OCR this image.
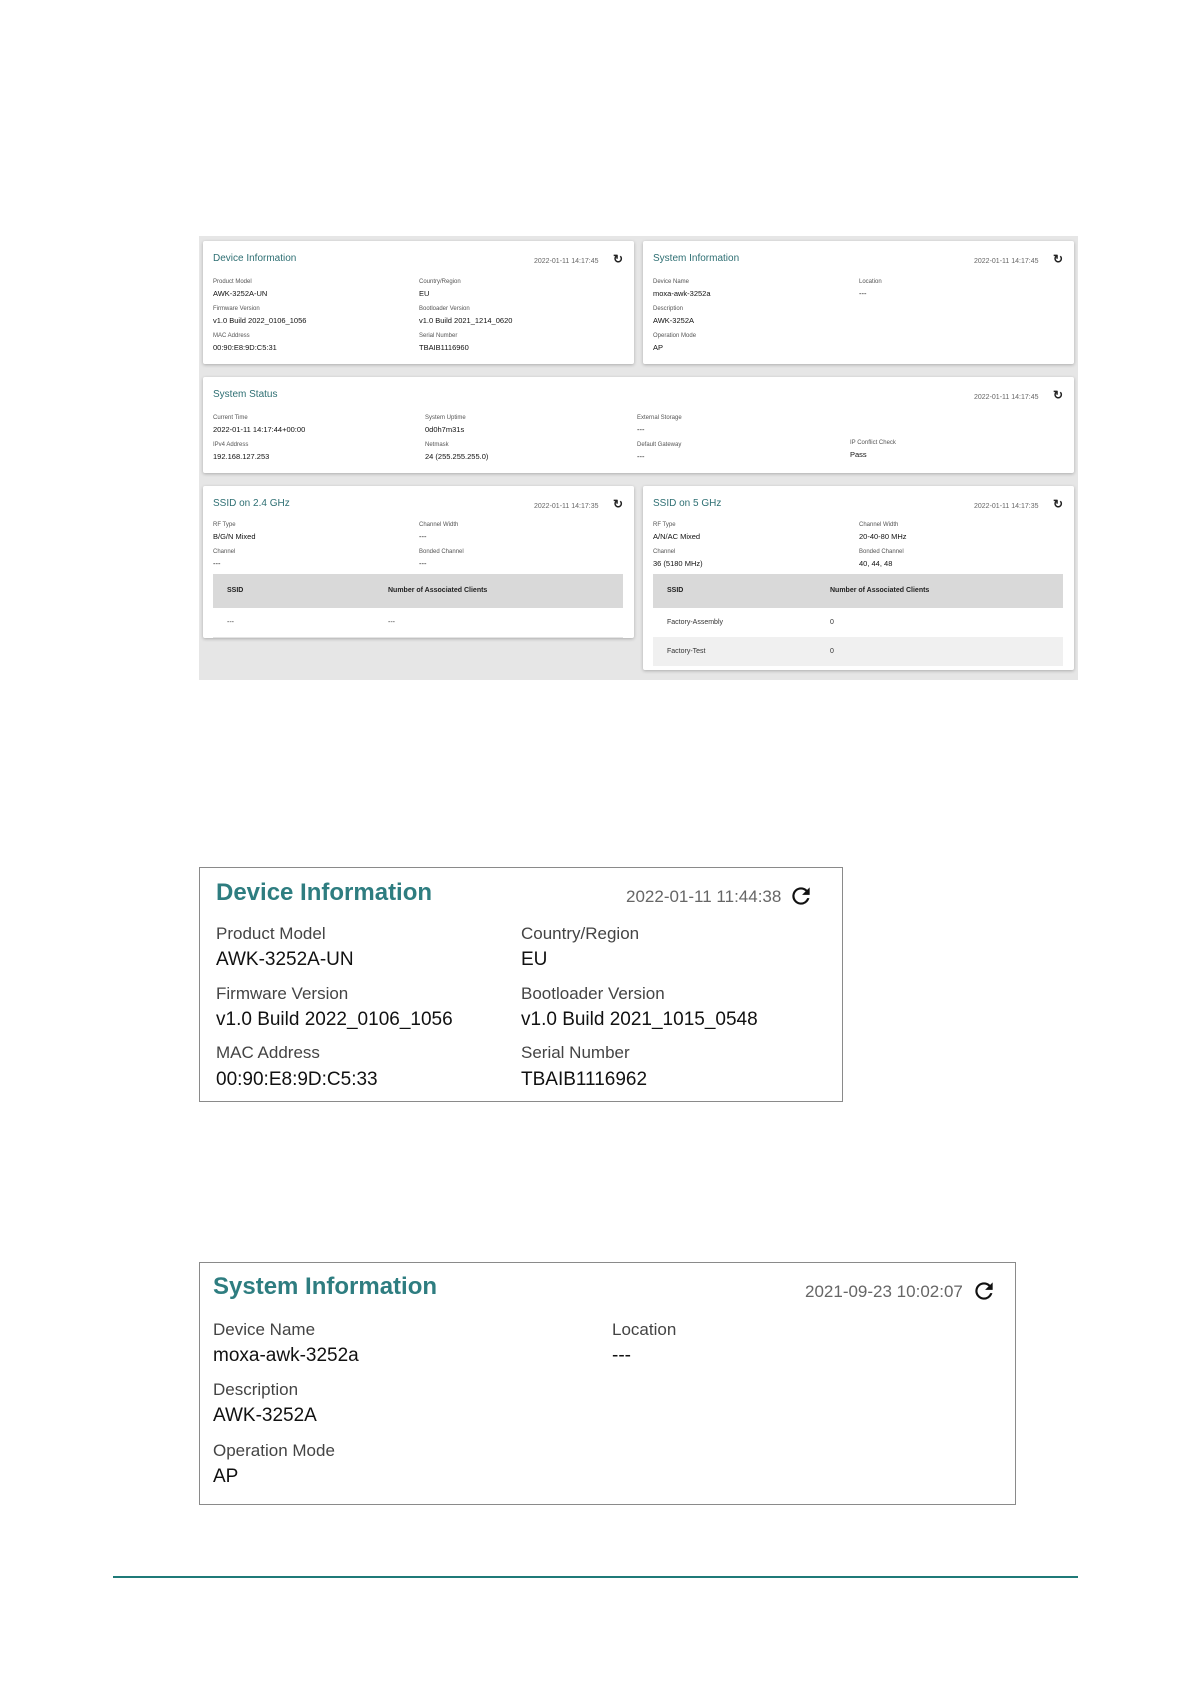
Device Information	2022-01-11 14:17:45 ↻
Product Model
AWK-3252A-UN
Country/Region
EU
Firmware Version
v1.0 Build 2022_0106_1056
Bootloader Version
v1.0 Build 2021_1214_0620
MAC Address
00:90:E8:9D:C5:31
Serial Number
TBAIB1116960
System Information	2022-01-11 14:17:45 ↻
Device Name
moxa-awk-3252a
Location
---
Description
AWK-3252A
Operation Mode
AP
System Status	2022-01-11 14:17:45 ↻
Current Time
2022-01-11 14:17:44+00:00
System Uptime
0d0h7m31s
External Storage
---
IPv4 Address
192.168.127.253
Netmask
24 (255.255.255.0)
Default Gateway
---
IP Conflict Check
Pass
SSID on 2.4 GHz	2022-01-11 14:17:35 ↻
RF Type
B/G/N Mixed
Channel Width
---
Channel
---
Bonded Channel
---
SSID	Number of Associated Clients
---	---
SSID on 5 GHz	2022-01-11 14:17:35 ↻
RF Type
A/N/AC Mixed
Channel Width
20-40-80 MHz
Channel
36 (5180 MHz)
Bonded Channel
40, 44, 48
SSID	Number of Associated Clients
Factory-Assembly	0
Factory-Test	0
Device Information	2022-01-11 11:44:38
Product Model
AWK-3252A-UN
Country/Region
EU
Firmware Version
v1.0 Build 2022_0106_1056
Bootloader Version
v1.0 Build 2021_1015_0548
MAC Address
00:90:E8:9D:C5:33
Serial Number
TBAIB1116962
System Information	2021-09-23 10:02:07
Device Name
moxa-awk-3252a
Location
---
Description
AWK-3252A
Operation Mode
AP
